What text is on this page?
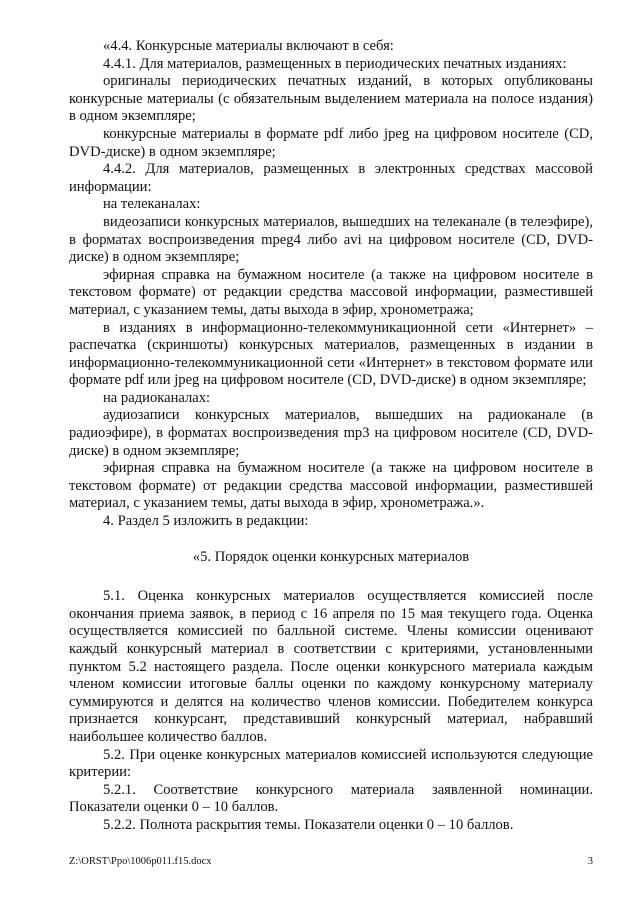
«4.4. Конкурсные материалы включают в себя:

4.4.1. Для материалов, размещенных в периодических печатных изданиях:

оригиналы периодических печатных изданий, в которых опубликованы конкурсные материалы (с обязательным выделением материала на полосе издания) в одном экземпляре;

конкурсные материалы в формате pdf либо jpeg на цифровом носителе (CD, DVD-диске) в одном экземпляре;

4.4.2. Для материалов, размещенных в электронных средствах массовой информации:

на телеканалах:

видеозаписи конкурсных материалов, вышедших на телеканале (в телеэфире), в форматах воспроизведения mpeg4 либо avi на цифровом носителе (CD, DVD-диске) в одном экземпляре;

эфирная справка на бумажном носителе (а также на цифровом носителе в текстовом формате) от редакции средства массовой информации, разместившей материал, с указанием темы, даты выхода в эфир, хронометража;

в изданиях в информационно-телекоммуникационной сети «Интернет» – распечатка (скриншоты) конкурсных материалов, размещенных в издании в информационно-телекоммуникационной сети «Интернет» в текстовом формате или формате pdf или jpeg на цифровом носителе (CD, DVD-диске) в одном экземпляре;

на радиоканалах:

аудиозаписи конкурсных материалов, вышедших на радиоканале (в радиоэфире), в форматах воспроизведения mp3 на цифровом носителе (CD, DVD-диске) в одном экземпляре;

эфирная справка на бумажном носителе (а также на цифровом носителе в текстовом формате) от редакции средства массовой информации, разместившей материал, с указанием темы, даты выхода в эфир, хронометража.».

4. Раздел 5 изложить в редакции:

«5. Порядок оценки конкурсных материалов

5.1. Оценка конкурсных материалов осуществляется комиссией после окончания приема заявок, в период с 16 апреля по 15 мая текущего года. Оценка осуществляется комиссией по балльной системе. Члены комиссии оценивают каждый конкурсный материал в соответствии с критериями, установленными пунктом 5.2 настоящего раздела. После оценки конкурсного материала каждым членом комиссии итоговые баллы оценки по каждому конкурсному материалу суммируются и делятся на количество членов комиссии. Победителем конкурса признается конкурсант, представивший конкурсный материал, набравший наибольшее количество баллов.

5.2. При оценке конкурсных материалов комиссией используются следующие критерии:

5.2.1. Соответствие конкурсного материала заявленной номинации. Показатели оценки 0 – 10 баллов.

5.2.2. Полнота раскрытия темы. Показатели оценки 0 – 10 баллов.

Z:\ORST\Ppo\1006p011.f15.docx	3
